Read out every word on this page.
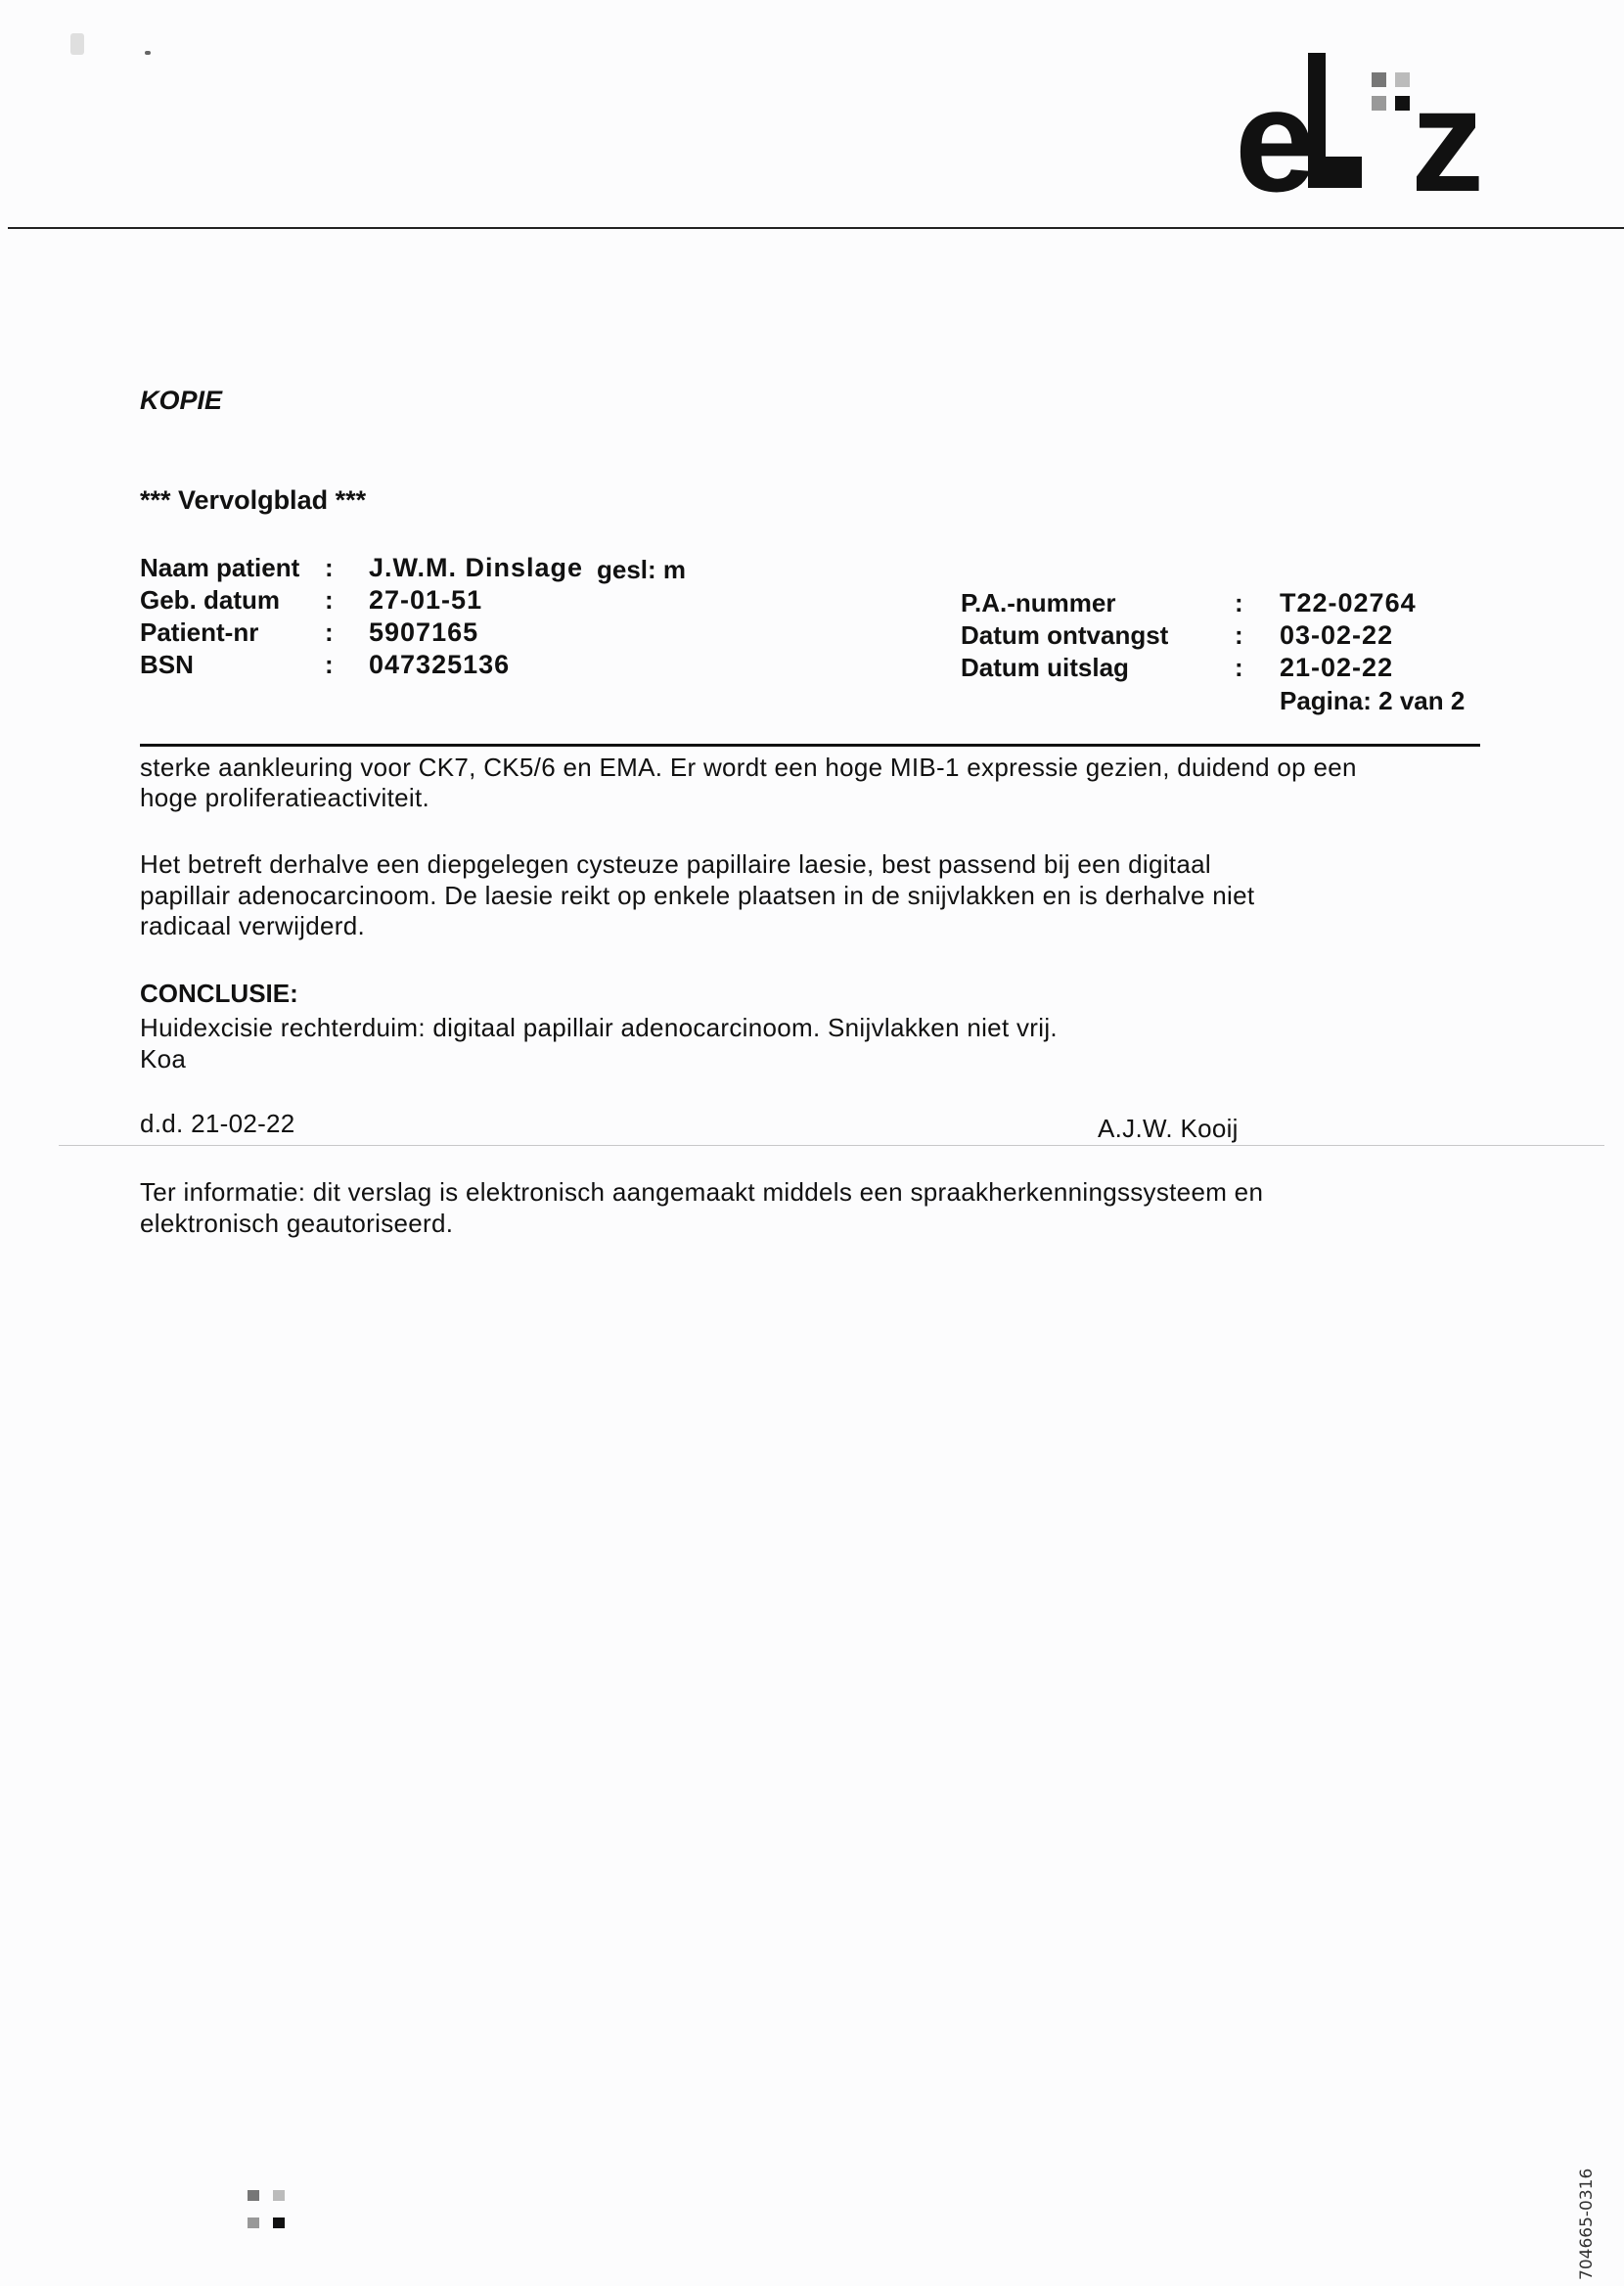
e z
KOPIE
*** Vervolgblad ***
Naam patient : J.W.M. Dinslage gesl: m
Geb. datum : 27-01-51
Patient-nr	: 5907165
BSN	: 047325136
P.A.-nummer	: T22-02764
Datum ontvangst	: 03-02-22
Datum uitslag	: 21-02-22
Pagina: 2 van 2
sterke aankleuring voor CK7, CK5/6 en EMA. Er wordt een hoge MIB-1 expressie gezien, duidend op een
hoge proliferatieactiviteit.
Het betreft derhalve een diepgelegen cysteuze papillaire laesie, best passend bij een digitaal
papillair adenocarcinoom. De laesie reikt op enkele plaatsen in de snijvlakken en is derhalve niet
radicaal verwijderd.
CONCLUSIE:
Huidexcisie rechterduim: digitaal papillair adenocarcinoom. Snijvlakken niet vrij.
Koa
d.d. 21-02-22	A.J.W. Kooij
Ter informatie: dit verslag is elektronisch aangemaakt middels een spraakherkenningssysteem en
elektronisch geautoriseerd.
704665-0316
